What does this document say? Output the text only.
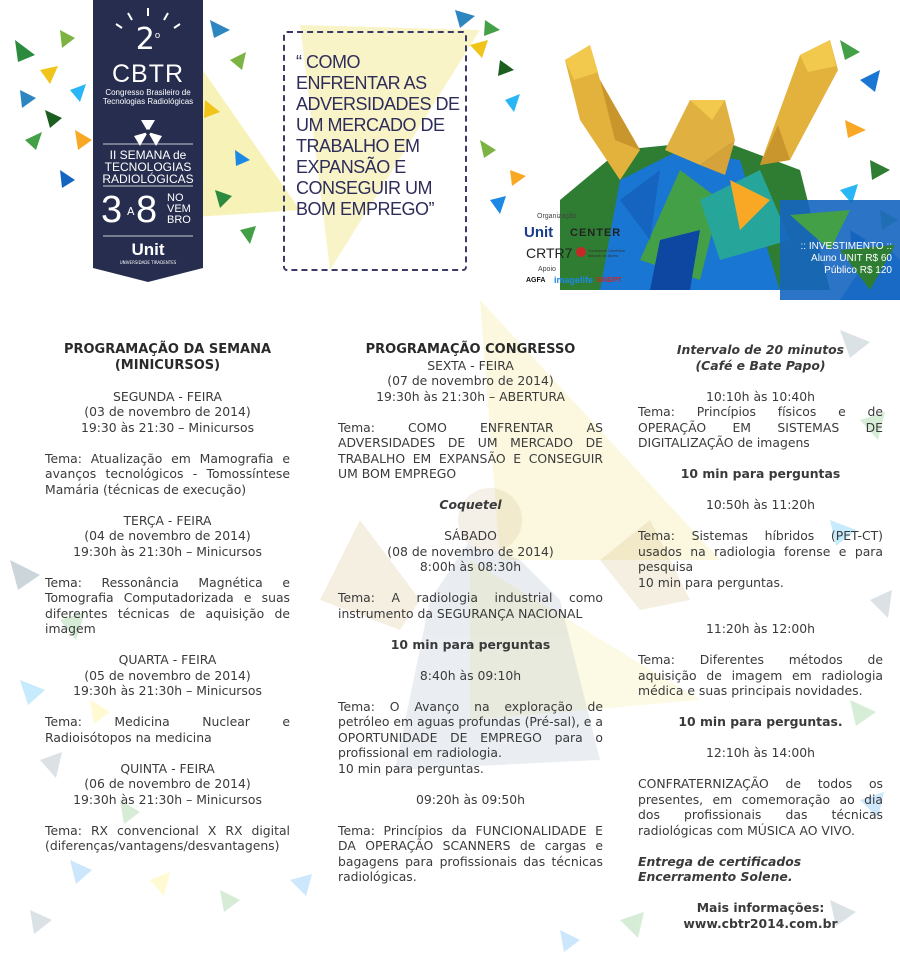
2$^o$
CBTR
Congresso Brasileiro de
Tecnologias Radiológicas
II SEMANA de
TECNOLOGIAS
RADIOLÓGICAS
3 A 8 NO
VEM
BRO
Unit
UNIVERSIDADE TIRADENTES
“ COMO ENFRENTAR AS ADVERSIDADES DE UM MERCADO DE TRABALHO EM EXPANSÃO E CONSEGUIR UM BOM EMPREGO”	Organização
Unit CENTER
CRTR7	Sociedade Científica Manoel de Abreu
Apoio
AGFA imagelife SINDPT
:: INVESTIMENTO ::
Aluno UNIT R$ 60
Público R$ 120

PROGRAMAÇÃO DA SEMANA

(MINICURSOS)

SEGUNDA - FEIRA

(03 de novembro de 2014)

19:30 às 21:30 – Minicursos

Tema: Atualização em Mamografia e avanços tecnológicos - Tomossíntese Mamária (técnicas de execução)

TERÇA - FEIRA

(04 de novembro de 2014)

19:30h às 21:30h – Minicursos

Tema: Ressonância Magnética e Tomografia Computadorizada e suas diferentes técnicas de aquisição de imagem

QUARTA - FEIRA

(05 de novembro de 2014)

19:30h às 21:30h – Minicursos

Tema: Medicina Nuclear e Radioisótopos na medicina

QUINTA - FEIRA

(06 de novembro de 2014)

19:30h às 21:30h – Minicursos

Tema: RX convencional X RX digital (diferenças/vantagens/desvantagens)

PROGRAMAÇÃO CONGRESSO

SEXTA - FEIRA

(07 de novembro de 2014)

19:30h às 21:30h – ABERTURA

Tema: COMO ENFRENTAR AS ADVERSIDADES DE UM MERCADO DE TRABALHO EM EXPANSÃO E CONSEGUIR UM BOM EMPREGO

Coquetel

SÁBADO

(08 de novembro de 2014)

8:00h às 08:30h

Tema: A radiologia industrial como instrumento da SEGURANÇA NACIONAL

10 min para perguntas

8:40h às 09:10h

Tema: O Avanço na exploração de petróleo em aguas profundas (Pré-sal), e a OPORTUNIDADE DE EMPREGO para o profissional em radiologia.

10 min para perguntas.

09:20h às 09:50h

Tema: Princípios da FUNCIONALIDADE E DA OPERAÇÃO SCANNERS de cargas e bagagens para profissionais das técnicas radiológicas.

Intervalo de 20 minutos

(Café e Bate Papo)

10:10h às 10:40h

Tema: Princípios físicos e de OPERAÇÃO EM SISTEMAS DE DIGITALIZAÇÃO de imagens

10 min para perguntas

10:50h às 11:20h

Tema: Sistemas híbridos (PET-CT) usados na radiologia forense e para pesquisa

10 min para perguntas.

11:20h às 12:00h

Tema: Diferentes métodos de aquisição de imagem em radiologia médica e suas principais novidades.

10 min para perguntas.

12:10h às 14:00h

CONFRATERNIZAÇÃO de todos os presentes, em comemoração ao dia dos profissionais das técnicas radiológicas com MÚSICA AO VIVO.

Entrega de certificados

Encerramento Solene.

Mais informações:

www.cbtr2014.com.br
